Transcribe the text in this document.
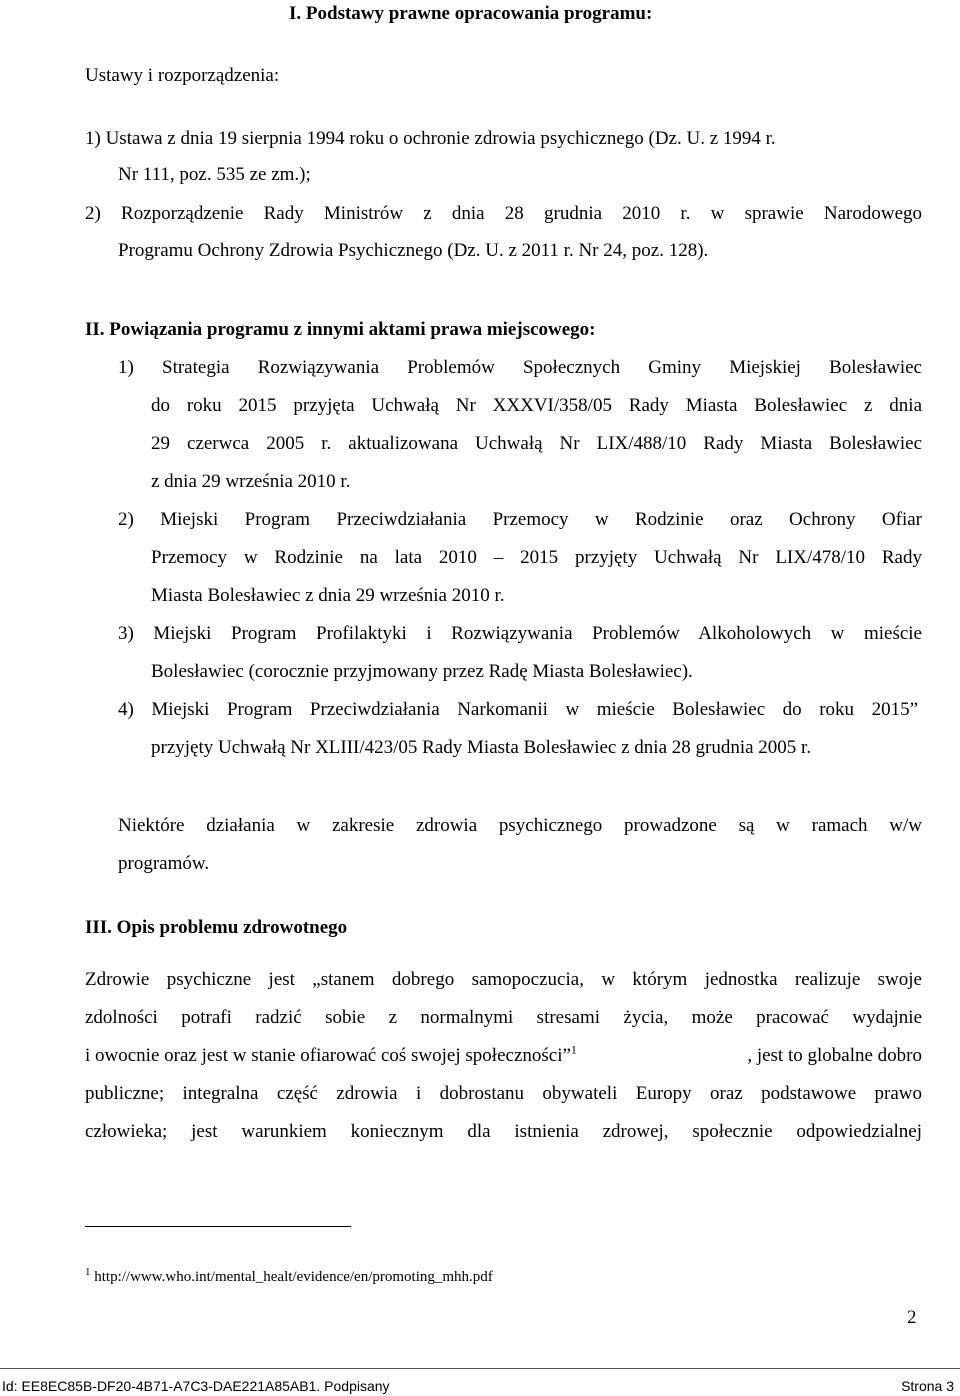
I. Podstawy prawne opracowania programu:
Ustawy i rozporządzenia:
1) Ustawa z dnia 19 sierpnia 1994 roku o ochronie zdrowia psychicznego (Dz. U. z 1994 r.
Nr 111, poz. 535 ze zm.);
2) Rozporządzenie Rady Ministrów z dnia 28 grudnia 2010 r. w sprawie Narodowego
Programu Ochrony Zdrowia Psychicznego (Dz. U. z 2011 r. Nr 24, poz. 128).
II. Powiązania programu z innymi aktami prawa miejscowego:
1) Strategia Rozwiązywania Problemów Społecznych Gminy Miejskiej Bolesławiec
do roku 2015 przyjęta Uchwałą Nr XXXVI/358/05 Rady Miasta Bolesławiec z dnia
29 czerwca 2005 r. aktualizowana Uchwałą Nr LIX/488/10 Rady Miasta Bolesławiec
z dnia 29 września 2010 r.
2) Miejski Program Przeciwdziałania Przemocy w Rodzinie oraz Ochrony Ofiar
Przemocy w Rodzinie na lata 2010 – 2015 przyjęty Uchwałą Nr LIX/478/10 Rady
Miasta Bolesławiec z dnia 29 września 2010 r.
3) Miejski Program Profilaktyki i Rozwiązywania Problemów Alkoholowych w mieście
Bolesławiec (corocznie przyjmowany przez Radę Miasta Bolesławiec).
4) Miejski Program Przeciwdziałania Narkomanii w mieście Bolesławiec do roku 2015”
przyjęty Uchwałą Nr XLIII/423/05 Rady Miasta Bolesławiec z dnia 28 grudnia 2005 r.
Niektóre działania w zakresie zdrowia psychicznego prowadzone są w ramach w/w
programów.
III. Opis problemu zdrowotnego
Zdrowie psychiczne jest „stanem dobrego samopoczucia, w którym jednostka realizuje swoje
zdolności potrafi radzić sobie z normalnymi stresami życia, może pracować wydajnie
i owocnie oraz jest w stanie ofiarować coś swojej społeczności”$^1$	, jest to globalne dobro
publiczne; integralna część zdrowia i dobrostanu obywateli Europy oraz podstawowe prawo
człowieka; jest warunkiem koniecznym dla istnienia zdrowej, społecznie odpowiedzialnej
$^1$ http://www.who.int/mental_healt/evidence/en/promoting_mhh.pdf
2
Id: EE8EC85B-DF20-4B71-A7C3-DAE221A85AB1. Podpisany	Strona 3
